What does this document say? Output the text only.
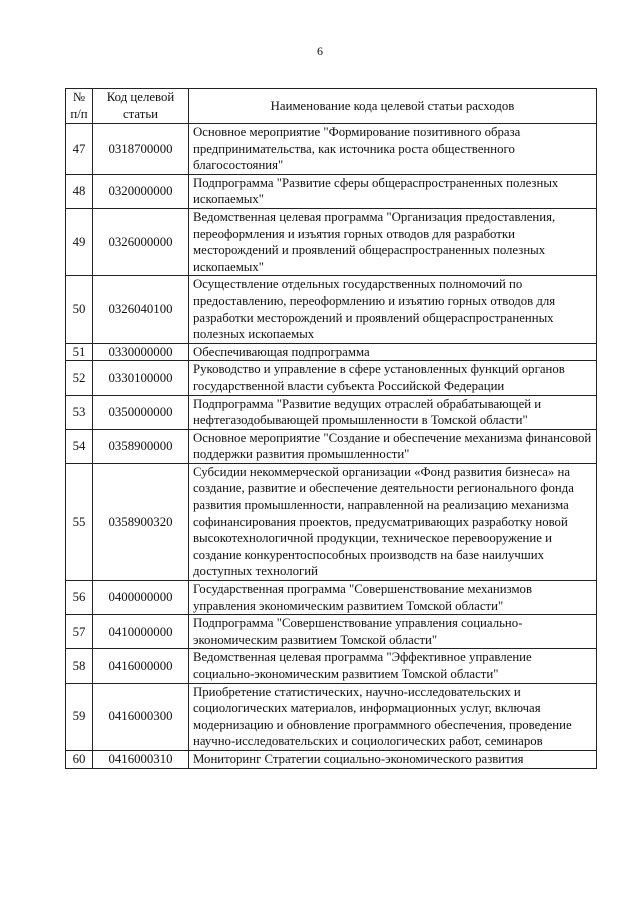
6
№ п/п	Код целевой статьи	Наименование кода целевой статьи расходов
47	0318700000	Основное мероприятие "Формирование позитивного образа предпринимательства, как источника роста общественного благосостояния"
48	0320000000	Подпрограмма "Развитие сферы общераспространенных полезных ископаемых"
49	0326000000	Ведомственная целевая программа "Организация предоставления, переоформления и изъятия горных отводов для разработки месторождений и проявлений общераспространенных полезных ископаемых"
50	0326040100	Осуществление отдельных государственных полномочий по предоставлению, переоформлению и изъятию горных отводов для разработки месторождений и проявлений общераспространенных полезных ископаемых
51	0330000000	Обеспечивающая подпрограмма
52	0330100000	Руководство и управление в сфере установленных функций органов государственной власти субъекта Российской Федерации
53	0350000000	Подпрограмма "Развитие ведущих отраслей обрабатывающей и нефтегазодобывающей промышленности в Томской области"
54	0358900000	Основное мероприятие "Создание и обеспечение механизма финансовой поддержки развития промышленности"
55	0358900320	Субсидии некоммерческой организации «Фонд развития бизнеса» на создание, развитие и обеспечение деятельности регионального фонда развития промышленности, направленной на реализацию механизма софинансирования проектов, предусматривающих разработку новой высокотехнологичной продукции, техническое перевооружение и создание конкурентоспособных производств на базе наилучших доступных технологий
56	0400000000	Государственная программа "Совершенствование механизмов управления экономическим развитием Томской области"
57	0410000000	Подпрограмма "Совершенствование управления социально-экономическим развитием Томской области"
58	0416000000	Ведомственная целевая программа "Эффективное управление социально-экономическим развитием Томской области"
59	0416000300	Приобретение статистических, научно-исследовательских и социологических материалов, информационных услуг, включая модернизацию и обновление программного обеспечения, проведение научно-исследовательских и социологических работ, семинаров
60	0416000310	Мониторинг Стратегии социально-экономического развития
